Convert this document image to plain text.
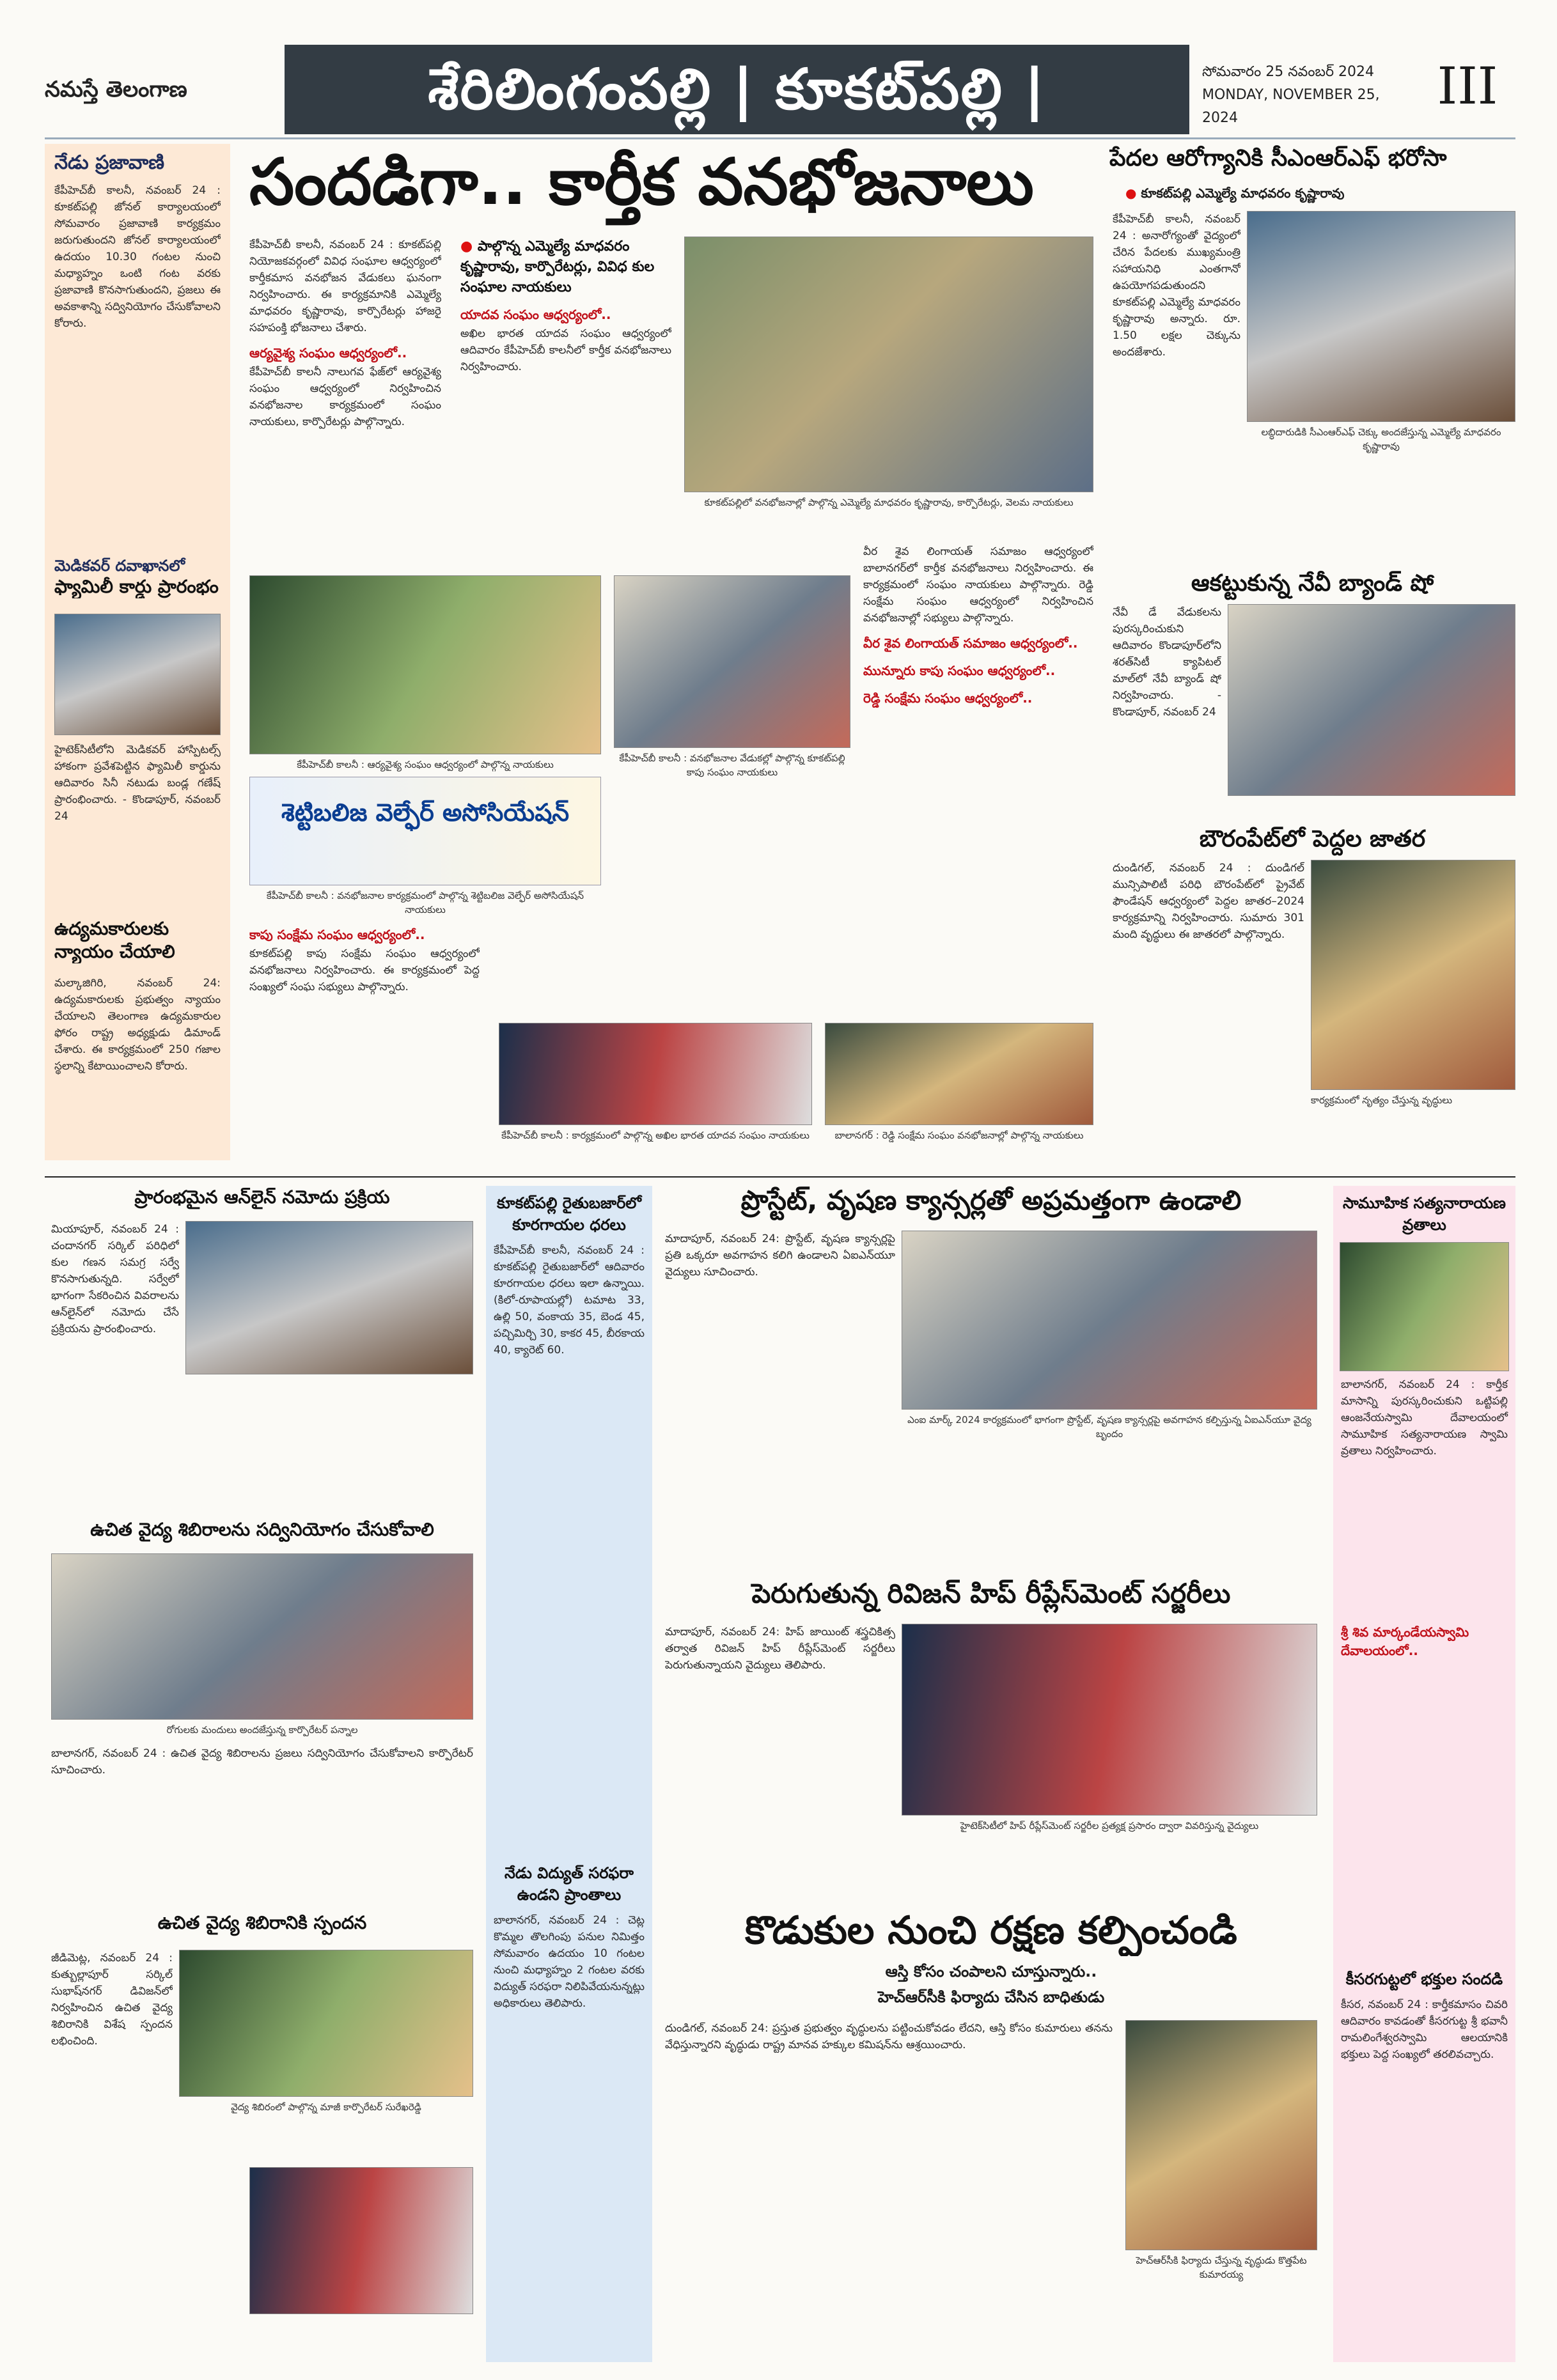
నమస్తే తెలంగాణ	శేరిలింగంపల్లి | కూకట్‌పల్లి |	సోమవారం 25 నవంబర్ 2024
MONDAY, NOVEMBER 25, 2024
III
నేడు ప్రజావాణి
కేపీహెచ్‌బీ కాలనీ, నవంబర్ 24 : కూకట్‌పల్లి జోనల్ కార్యాలయంలో సోమవారం ప్రజావాణి కార్యక్రమం జరుగుతుందని జోనల్ కార్యాలయంలో ఉదయం 10.30 గంటల నుంచి మధ్యాహ్నం ఒంటి గంట వరకు ప్రజావాణి కొనసాగుతుందని, ప్రజలు ఈ అవకాశాన్ని సద్వినియోగం చేసుకోవాలని కోరారు.
మెడికవర్ దవాఖానలో
ఫ్యామిలీ కార్డు ప్రారంభం
హైటెక్‌సిటీలోని మెడికవర్ హాస్పిటల్స్ హాకంగా ప్రవేశపెట్టిన ఫ్యామిలీ కార్డును ఆదివారం సినీ నటుడు బండ్ల గణేష్ ప్రారంభించారు. - కొండాపూర్, నవంబర్ 24
ఉద్యమకారులకు న్యాయం చేయాలి
మల్కాజిగిరి, నవంబర్ 24: ఉద్యమకారులకు ప్రభుత్వం న్యాయం చేయాలని తెలంగాణ ఉద్యమకారుల ఫోరం రాష్ట్ర అధ్యక్షుడు డిమాండ్ చేశారు. ఈ కార్యక్రమంలో 250 గజాల స్థలాన్ని కేటాయించాలని కోరారు.
సందడిగా.. కార్తీక వనభోజనాలు
కేపీహెచ్‌బీ కాలనీ, నవంబర్ 24 : కూకట్‌పల్లి నియోజకవర్గంలో వివిధ సంఘాల ఆధ్వర్యంలో కార్తీకమాస వనభోజన వేడుకలు ఘనంగా నిర్వహించారు. ఈ కార్యక్రమానికి ఎమ్మెల్యే మాధవరం కృష్ణారావు, కార్పొరేటర్లు హాజరై సహపంక్తి భోజనాలు చేశారు.
ఆర్యవైశ్య సంఘం ఆధ్వర్యంలో..
కేపీహెచ్‌బీ కాలనీ నాలుగవ ఫేజ్‌లో ఆర్యవైశ్య సంఘం ఆధ్వర్యంలో నిర్వహించిన వనభోజనాల కార్యక్రమంలో సంఘం నాయకులు, కార్పొరేటర్లు పాల్గొన్నారు.
● పాల్గొన్న ఎమ్మెల్యే మాధవరం కృష్ణారావు, కార్పొరేటర్లు, వివిధ కుల సంఘాల నాయకులు
యాదవ సంఘం ఆధ్వర్యంలో..
అఖిల భారత యాదవ సంఘం ఆధ్వర్యంలో ఆదివారం కేపీహెచ్‌బీ కాలనీలో కార్తీక వనభోజనాలు నిర్వహించారు.
కూకట్‌పల్లిలో వనభోజనాల్లో పాల్గొన్న ఎమ్మెల్యే మాధవరం కృష్ణారావు, కార్పొరేటర్లు, వెలమ నాయకులు
కేపీహెచ్‌బీ కాలనీ : ఆర్యవైశ్య సంఘం ఆధ్వర్యంలో పాల్గొన్న నాయకులు
కేపీహెచ్‌బీ కాలనీ : వనభోజనాల వేడుకల్లో పాల్గొన్న కూకట్‌పల్లి కాపు సంఘం నాయకులు
వీర శైవ లింగాయత్ సమాజం ఆధ్వర్యంలో బాలానగర్‌లో కార్తీక వనభోజనాలు నిర్వహించారు. ఈ కార్యక్రమంలో సంఘం నాయకులు పాల్గొన్నారు. రెడ్డి సంక్షేమ సంఘం ఆధ్వర్యంలో నిర్వహించిన వనభోజనాల్లో సభ్యులు పాల్గొన్నారు.
వీర శైవ లింగాయత్ సమాజం ఆధ్వర్యంలో..
మున్నూరు కాపు సంఘం ఆధ్వర్యంలో..
రెడ్డి సంక్షేమ సంఘం ఆధ్వర్యంలో..
శెట్టిబలిజ వెల్ఫేర్ అసోసియేషన్
కేపీహెచ్‌బీ కాలనీ : వనభోజనాల కార్యక్రమంలో పాల్గొన్న శెట్టిబలిజ వెల్ఫేర్ అసోసియేషన్ నాయకులు
కాపు సంక్షేమ సంఘం ఆధ్వర్యంలో..
కూకట్‌పల్లి కాపు సంక్షేమ సంఘం ఆధ్వర్యంలో వనభోజనాలు నిర్వహించారు. ఈ కార్యక్రమంలో పెద్ద సంఖ్యలో సంఘ సభ్యులు పాల్గొన్నారు.
కేపీహెచ్‌బీ కాలనీ : కార్యక్రమంలో పాల్గొన్న అఖిల భారత యాదవ సంఘం నాయకులు	బాలానగర్ : రెడ్డి సంక్షేమ సంఘం వనభోజనాల్లో పాల్గొన్న నాయకులు
పేదల ఆరోగ్యానికి సీఎంఆర్‌ఎఫ్ భరోసా
● కూకట్‌పల్లి ఎమ్మెల్యే మాధవరం కృష్ణారావు
కేపీహెచ్‌బీ కాలనీ, నవంబర్ 24 : అనారోగ్యంతో వైద్యంలో చేరిన పేదలకు ముఖ్యమంత్రి సహాయనిధి ఎంతగానో ఉపయోగపడుతుందని కూకట్‌పల్లి ఎమ్మెల్యే మాధవరం కృష్ణారావు అన్నారు. రూ. 1.50 లక్షల చెక్కును అందజేశారు.
లబ్ధిదారుడికి సీఎంఆర్‌ఎఫ్ చెక్కు అందజేస్తున్న ఎమ్మెల్యే మాధవరం కృష్ణారావు
ఆకట్టుకున్న నేవీ బ్యాండ్ షో
నేవీ డే వేడుకలను పురస్కరించుకుని ఆదివారం కొండాపూర్‌లోని శరత్‌సిటీ క్యాపిటల్ మాల్‌లో నేవీ బ్యాండ్ షో నిర్వహించారు. - కొండాపూర్, నవంబర్ 24
బౌరంపేట్‌లో పెద్దల జాతర
దుండిగల్, నవంబర్ 24 : దుండిగల్ మున్సిపాలిటీ పరిధి బౌరంపేట్‌లో ప్రైవేట్ ఫౌండేషన్ ఆధ్వర్యంలో పెద్దల జాతర–2024 కార్యక్రమాన్ని నిర్వహించారు. సుమారు 301 మంది వృద్ధులు ఈ జాతరలో పాల్గొన్నారు.
కార్యక్రమంలో నృత్యం చేస్తున్న వృద్ధులు
ప్రారంభమైన ఆన్‌లైన్ నమోదు ప్రక్రియ
మియాపూర్, నవంబర్ 24 : చందానగర్ సర్కిల్ పరిధిలో కుల గణన సమగ్ర సర్వే కొనసాగుతున్నది. సర్వేలో భాగంగా సేకరించిన వివరాలను ఆన్‌లైన్‌లో నమోదు చేసే ప్రక్రియను ప్రారంభించారు.
ఉచిత వైద్య శిబిరాలను సద్వినియోగం చేసుకోవాలి
రోగులకు మందులు అందజేస్తున్న కార్పొరేటర్ పన్నాల
బాలానగర్, నవంబర్ 24 : ఉచిత వైద్య శిబిరాలను ప్రజలు సద్వినియోగం చేసుకోవాలని కార్పొరేటర్ సూచించారు.
ఉచిత వైద్య శిబిరానికి స్పందన
జీడిమెట్ల, నవంబర్ 24 : కుత్బుల్లాపూర్ సర్కిల్ సుభాష్‌నగర్ డివిజన్‌లో నిర్వహించిన ఉచిత వైద్య శిబిరానికి విశేష స్పందన లభించింది.
వైద్య శిబిరంలో పాల్గొన్న మాజీ కార్పొరేటర్ సురేఖరెడ్డి
కూకట్‌పల్లి రైతుబజార్‌లో కూరగాయల ధరలు
కేపీహెచ్‌బీ కాలనీ, నవంబర్ 24 : కూకట్‌పల్లి రైతుబజార్‌లో ఆదివారం కూరగాయల ధరలు ఇలా ఉన్నాయి. (కిలో-రూపాయల్లో) టమాట 33, ఉల్లి 50, వంకాయ 35, బెండ 45, పచ్చిమిర్చి 30, కాకర 45, బీరకాయ 40, క్యారెట్ 60.
నేడు విద్యుత్ సరఫరా ఉండని ప్రాంతాలు
బాలానగర్, నవంబర్ 24 : చెట్ల కొమ్మల తొలగింపు పనుల నిమిత్తం సోమవారం ఉదయం 10 గంటల నుంచి మధ్యాహ్నం 2 గంటల వరకు విద్యుత్ సరఫరా నిలిపివేయనున్నట్లు అధికారులు తెలిపారు.
ప్రొస్టేట్, వృషణ క్యాన్సర్లతో అప్రమత్తంగా ఉండాలి
మాదాపూర్, నవంబర్ 24: ప్రొస్టేట్, వృషణ క్యాన్సర్లపై ప్రతి ఒక్కరూ అవగాహన కలిగి ఉండాలని ఏఐఎన్‌యూ వైద్యులు సూచించారు.
ఎంఐ మార్క్ 2024 కార్యక్రమంలో భాగంగా ప్రొస్టేట్, వృషణ క్యాన్సర్లపై అవగాహన కల్పిస్తున్న ఏఐఎన్‌యూ వైద్య బృందం
పెరుగుతున్న రివిజన్ హిప్ రీప్లేస్‌మెంట్ సర్జరీలు
మాదాపూర్, నవంబర్ 24: హిప్ జాయింట్ శస్త్రచికిత్స తర్వాత రివిజన్ హిప్ రీప్లేస్‌మెంట్ సర్జరీలు పెరుగుతున్నాయని వైద్యులు తెలిపారు.
హైటెక్‌సిటీలో హిప్ రీప్లేస్‌మెంట్ సర్జరీల ప్రత్యక్ష ప్రసారం ద్వారా వివరిస్తున్న వైద్యులు
కొడుకుల నుంచి రక్షణ కల్పించండి
ఆస్తి కోసం చంపాలని చూస్తున్నారు..
హెచ్‌ఆర్‌సీకి ఫిర్యాదు చేసిన బాధితుడు
దుండిగల్, నవంబర్ 24: ప్రస్తుత ప్రభుత్వం వృద్ధులను పట్టించుకోవడం లేదని, ఆస్తి కోసం కుమారులు తనను వేధిస్తున్నారని వృద్ధుడు రాష్ట్ర మానవ హక్కుల కమిషన్‌ను ఆశ్రయించారు.
హెచ్‌ఆర్‌సీకి ఫిర్యాదు చేస్తున్న వృద్ధుడు కొత్తపేట కుమారయ్య
సామూహిక సత్యనారాయణ వ్రతాలు
బాలానగర్, నవంబర్ 24 : కార్తీక మాసాన్ని పురస్కరించుకుని ఒట్టిపల్లి ఆంజనేయస్వామి దేవాలయంలో సామూహిక సత్యనారాయణ స్వామి వ్రతాలు నిర్వహించారు.
శ్రీ శివ మార్కండేయస్వామి దేవాలయంలో..
కీసరగుట్టలో భక్తుల సందడి
కీసర, నవంబర్ 24 : కార్తీకమాసం చివరి ఆదివారం కావడంతో కీసరగుట్ట శ్రీ భవానీ రామలింగేశ్వరస్వామి ఆలయానికి భక్తులు పెద్ద సంఖ్యలో తరలివచ్చారు.
